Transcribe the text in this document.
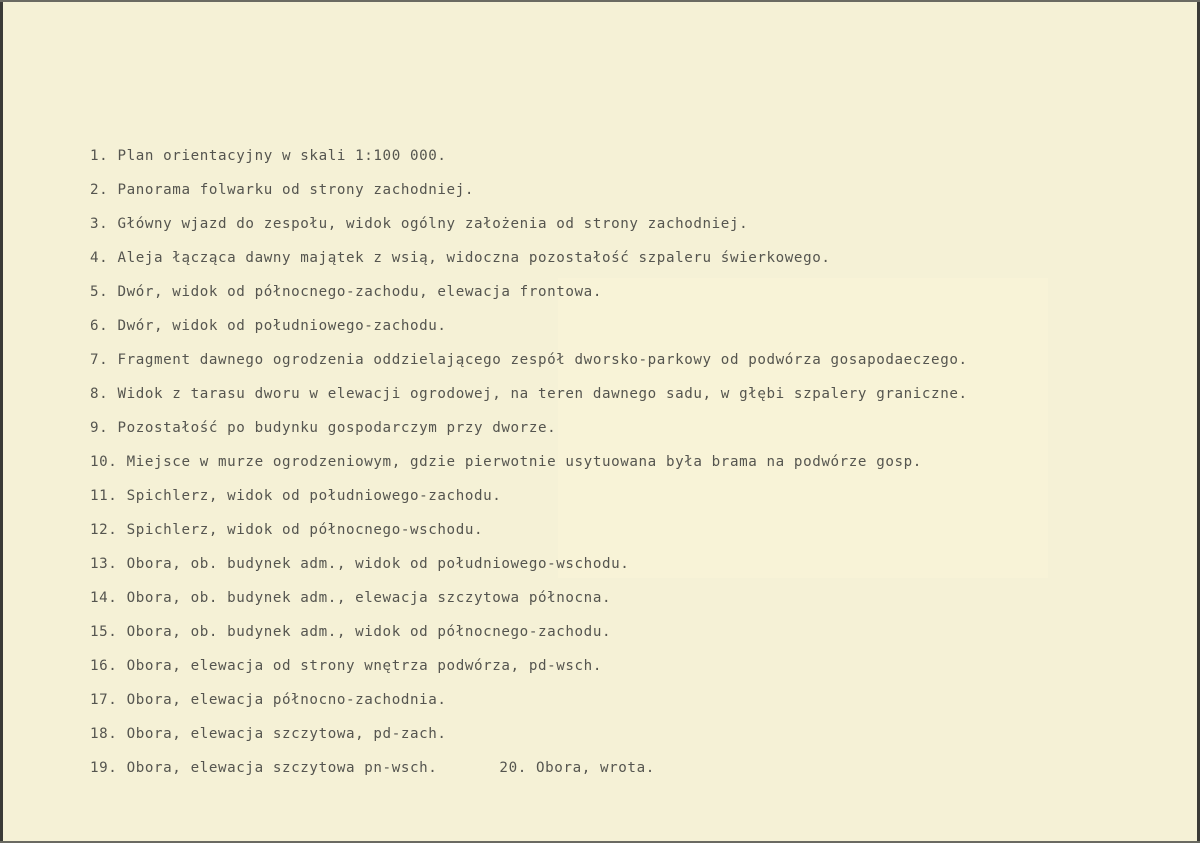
1. Plan orientacyjny w skali 1:100 000.
2. Panorama folwarku od strony zachodniej.
3. Główny wjazd do zespołu, widok ogólny założenia od strony zachodniej.
4. Aleja łącząca dawny majątek z wsią, widoczna pozostałość szpaleru świerkowego.
5. Dwór, widok od północnego-zachodu, elewacja frontowa.
6. Dwór, widok od południowego-zachodu.
7. Fragment dawnego ogrodzenia oddzielającego zespół dworsko-parkowy od podwórza gosapodaeczego.
8. Widok z tarasu dworu w elewacji ogrodowej, na teren dawnego sadu, w głębi szpalery graniczne.
9. Pozostałość po budynku gospodarczym przy dworze.
10. Miejsce w murze ogrodzeniowym, gdzie pierwotnie usytuowana była brama na podwórze gosp.
11. Spichlerz, widok od południowego-zachodu.
12. Spichlerz, widok od północnego-wschodu.
13. Obora, ob. budynek adm., widok od południowego-wschodu.
14. Obora, ob. budynek adm., elewacja szczytowa północna.
15. Obora, ob. budynek adm., widok od północnego-zachodu.
16. Obora, elewacja od strony wnętrza podwórza, pd-wsch.
17. Obora, elewacja północno-zachodnia.
18. Obora, elewacja szczytowa, pd-zach.
19. Obora, elewacja szczytowa pn-wsch.	20. Obora, wrota.
